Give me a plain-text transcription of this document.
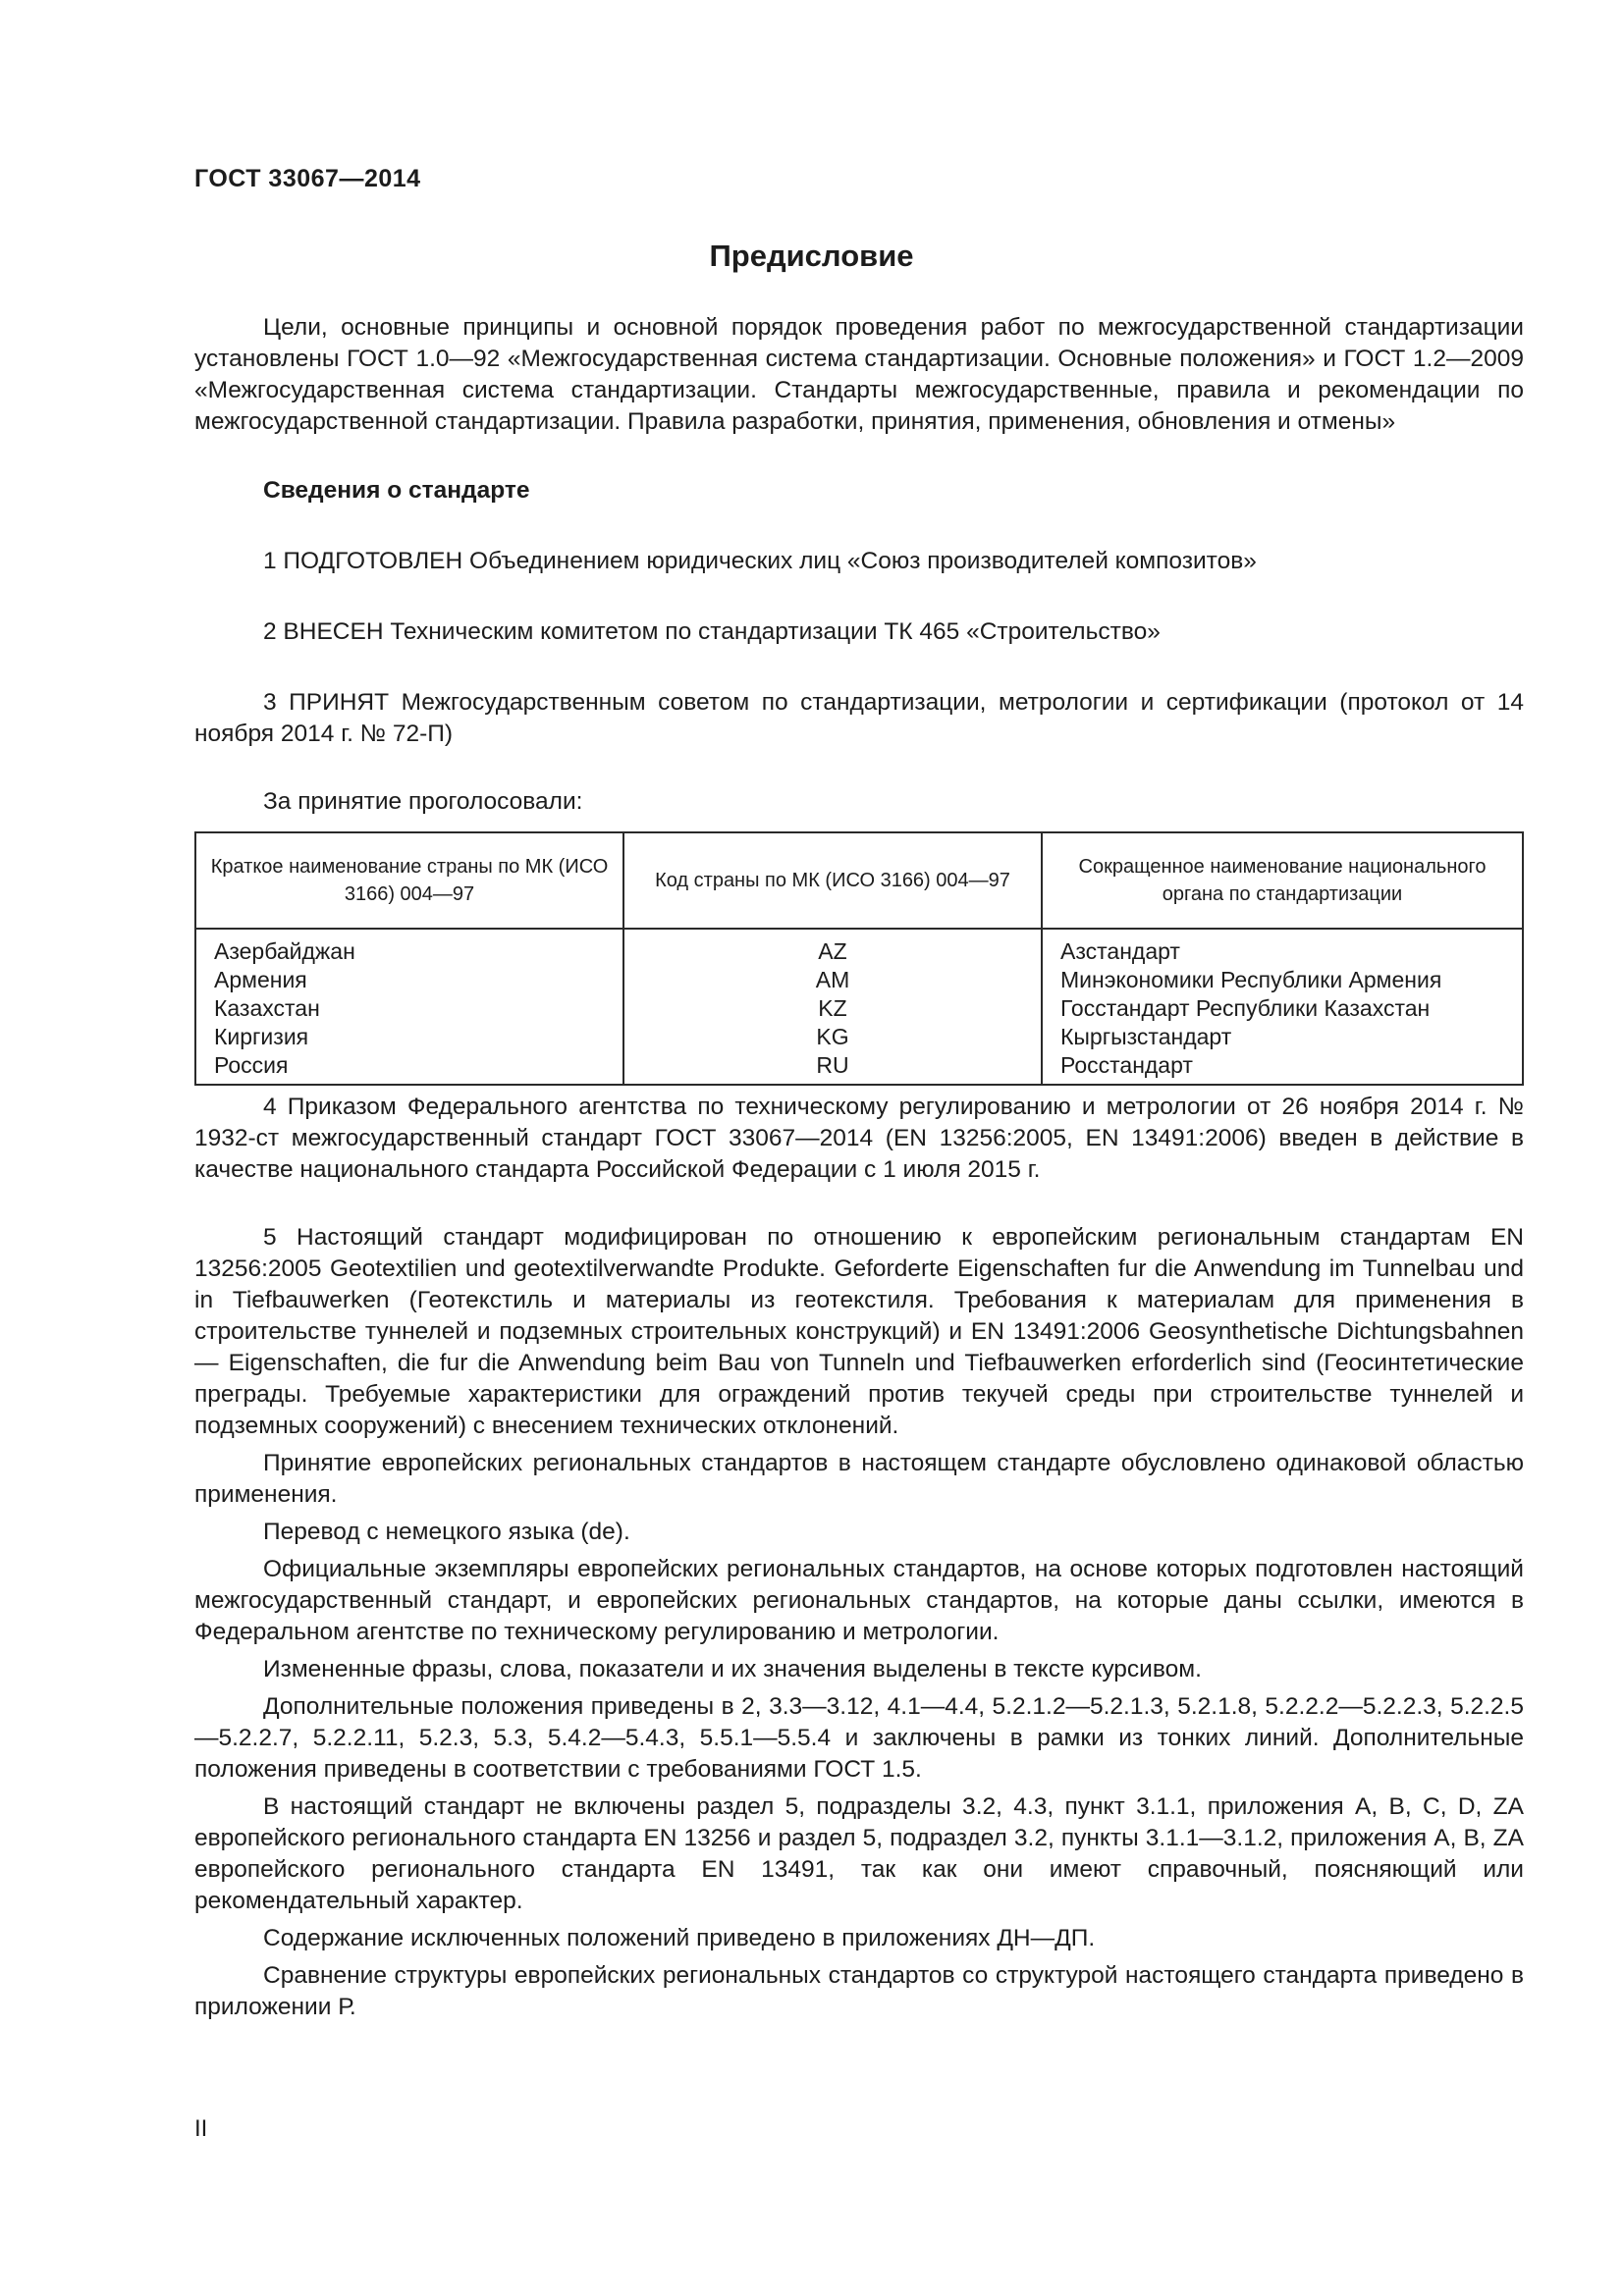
ГОСТ 33067—2014
Предисловие

Цели, основные принципы и основной порядок проведения работ по межгосударственной стандартизации установлены ГОСТ 1.0—92 «Межгосударственная система стандартизации. Основные положения» и ГОСТ 1.2—2009 «Межгосударственная система стандартизации. Стандарты межгосударственные, правила и рекомендации по межгосударственной стандартизации. Правила разработки, принятия, применения, обновления и отмены»

Сведения о стандарте

1 ПОДГОТОВЛЕН Объединением юридических лиц «Союз производителей композитов»

2 ВНЕСЕН Техническим комитетом по стандартизации ТК 465 «Строительство»

3 ПРИНЯТ Межгосударственным советом по стандартизации, метрологии и сертификации (протокол от 14 ноября 2014 г. № 72-П)

За принятие проголосовали:

Краткое наименование страны по МК (ИСО 3166) 004—97	Код страны по МК (ИСО 3166) 004—97	Сокращенное наименование национального органа по стандартизации
Азербайджан	AZ	Азстандарт
Армения	AM	Минэкономики Республики Армения
Казахстан	KZ	Госстандарт Республики Казахстан
Киргизия	KG	Кыргызстандарт
Россия	RU	Росстандарт

4 Приказом Федерального агентства по техническому регулированию и метрологии от 26 ноября 2014 г. № 1932-ст межгосударственный стандарт ГОСТ 33067—2014 (EN 13256:2005, EN 13491:2006) введен в действие в качестве национального стандарта Российской Федерации с 1 июля 2015 г.

5 Настоящий стандарт модифицирован по отношению к европейским региональным стандартам EN 13256:2005 Geotextilien und geotextilverwandte Produkte. Geforderte Eigenschaften fur die Anwendung im Tunnelbau und in Tiefbauwerken (Геотекстиль и материалы из геотекстиля. Требования к материалам для применения в строительстве туннелей и подземных строительных конструкций) и EN 13491:2006 Geosynthetische Dichtungsbahnen — Eigenschaften, die fur die Anwendung beim Bau von Tunneln und Tiefbauwerken erforderlich sind (Геосинтетические преграды. Требуемые характеристики для ограждений против текучей среды при строительстве туннелей и подземных сооружений) с внесением технических отклонений.

Принятие европейских региональных стандартов в настоящем стандарте обусловлено одинаковой областью применения.

Перевод с немецкого языка (de).

Официальные экземпляры европейских региональных стандартов, на основе которых подготовлен настоящий межгосударственный стандарт, и европейских региональных стандартов, на которые даны ссылки, имеются в Федеральном агентстве по техническому регулированию и метрологии.

Измененные фразы, слова, показатели и их значения выделены в тексте курсивом.

Дополнительные положения приведены в 2, 3.3—3.12, 4.1—4.4, 5.2.1.2—5.2.1.3, 5.2.1.8, 5.2.2.2—5.2.2.3, 5.2.2.5—5.2.2.7, 5.2.2.11, 5.2.3, 5.3, 5.4.2—5.4.3, 5.5.1—5.5.4 и заключены в рамки из тонких линий. Дополнительные положения приведены в соответствии с требованиями ГОСТ 1.5.

В настоящий стандарт не включены раздел 5, подразделы 3.2, 4.3, пункт 3.1.1, приложения А, В, С, D, ZA европейского регионального стандарта EN 13256 и раздел 5, подраздел 3.2, пункты 3.1.1—3.1.2, приложения А, В, ZA европейского регионального стандарта EN 13491, так как они имеют справочный, поясняющий или рекомендательный характер.

Содержание исключенных положений приведено в приложениях ДН—ДП.

Сравнение структуры европейских региональных стандартов со структурой настоящего стандарта приведено в приложении Р.

II
